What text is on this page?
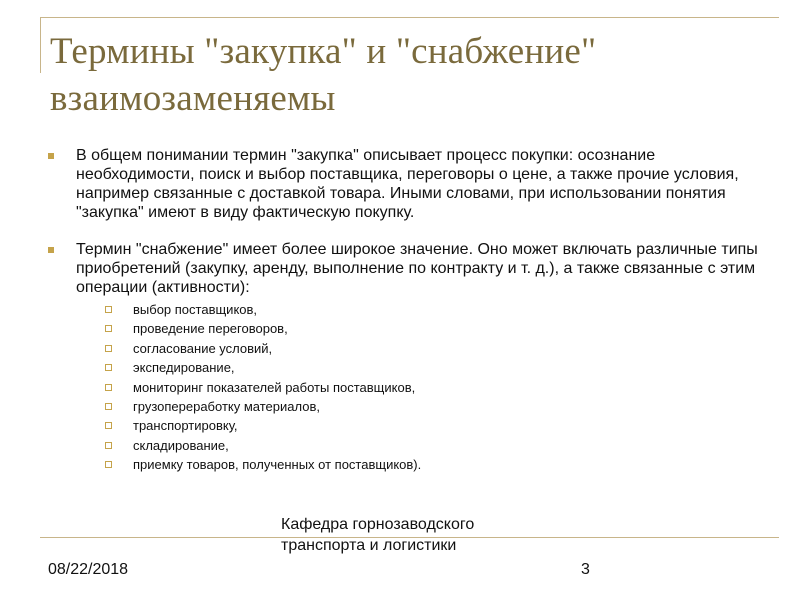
Термины "закупка" и "снабжение" взаимозаменяемы
В общем понимании термин "закупка" описывает процесс покупки: осознание необходимости, поиск и выбор поставщика, переговоры о цене, а также прочие условия, например связанные с доставкой товара. Иными словами, при использовании понятия "закупка" имеют в виду фактическую покупку.
Термин "снабжение" имеет более широкое значение. Оно может включать различные типы приобретений (закупку, аренду, выполнение по контракту и т. д.), а также связанные с этим операции (активности):
выбор поставщиков,
проведение переговоров,
согласование условий,
экспедирование,
мониторинг показателей работы поставщиков,
грузопереработку материалов,
транспортировку,
складирование,
приемку товаров, полученных от поставщиков).
08/22/2018
Кафедра горнозаводского транспорта и логистики
3
